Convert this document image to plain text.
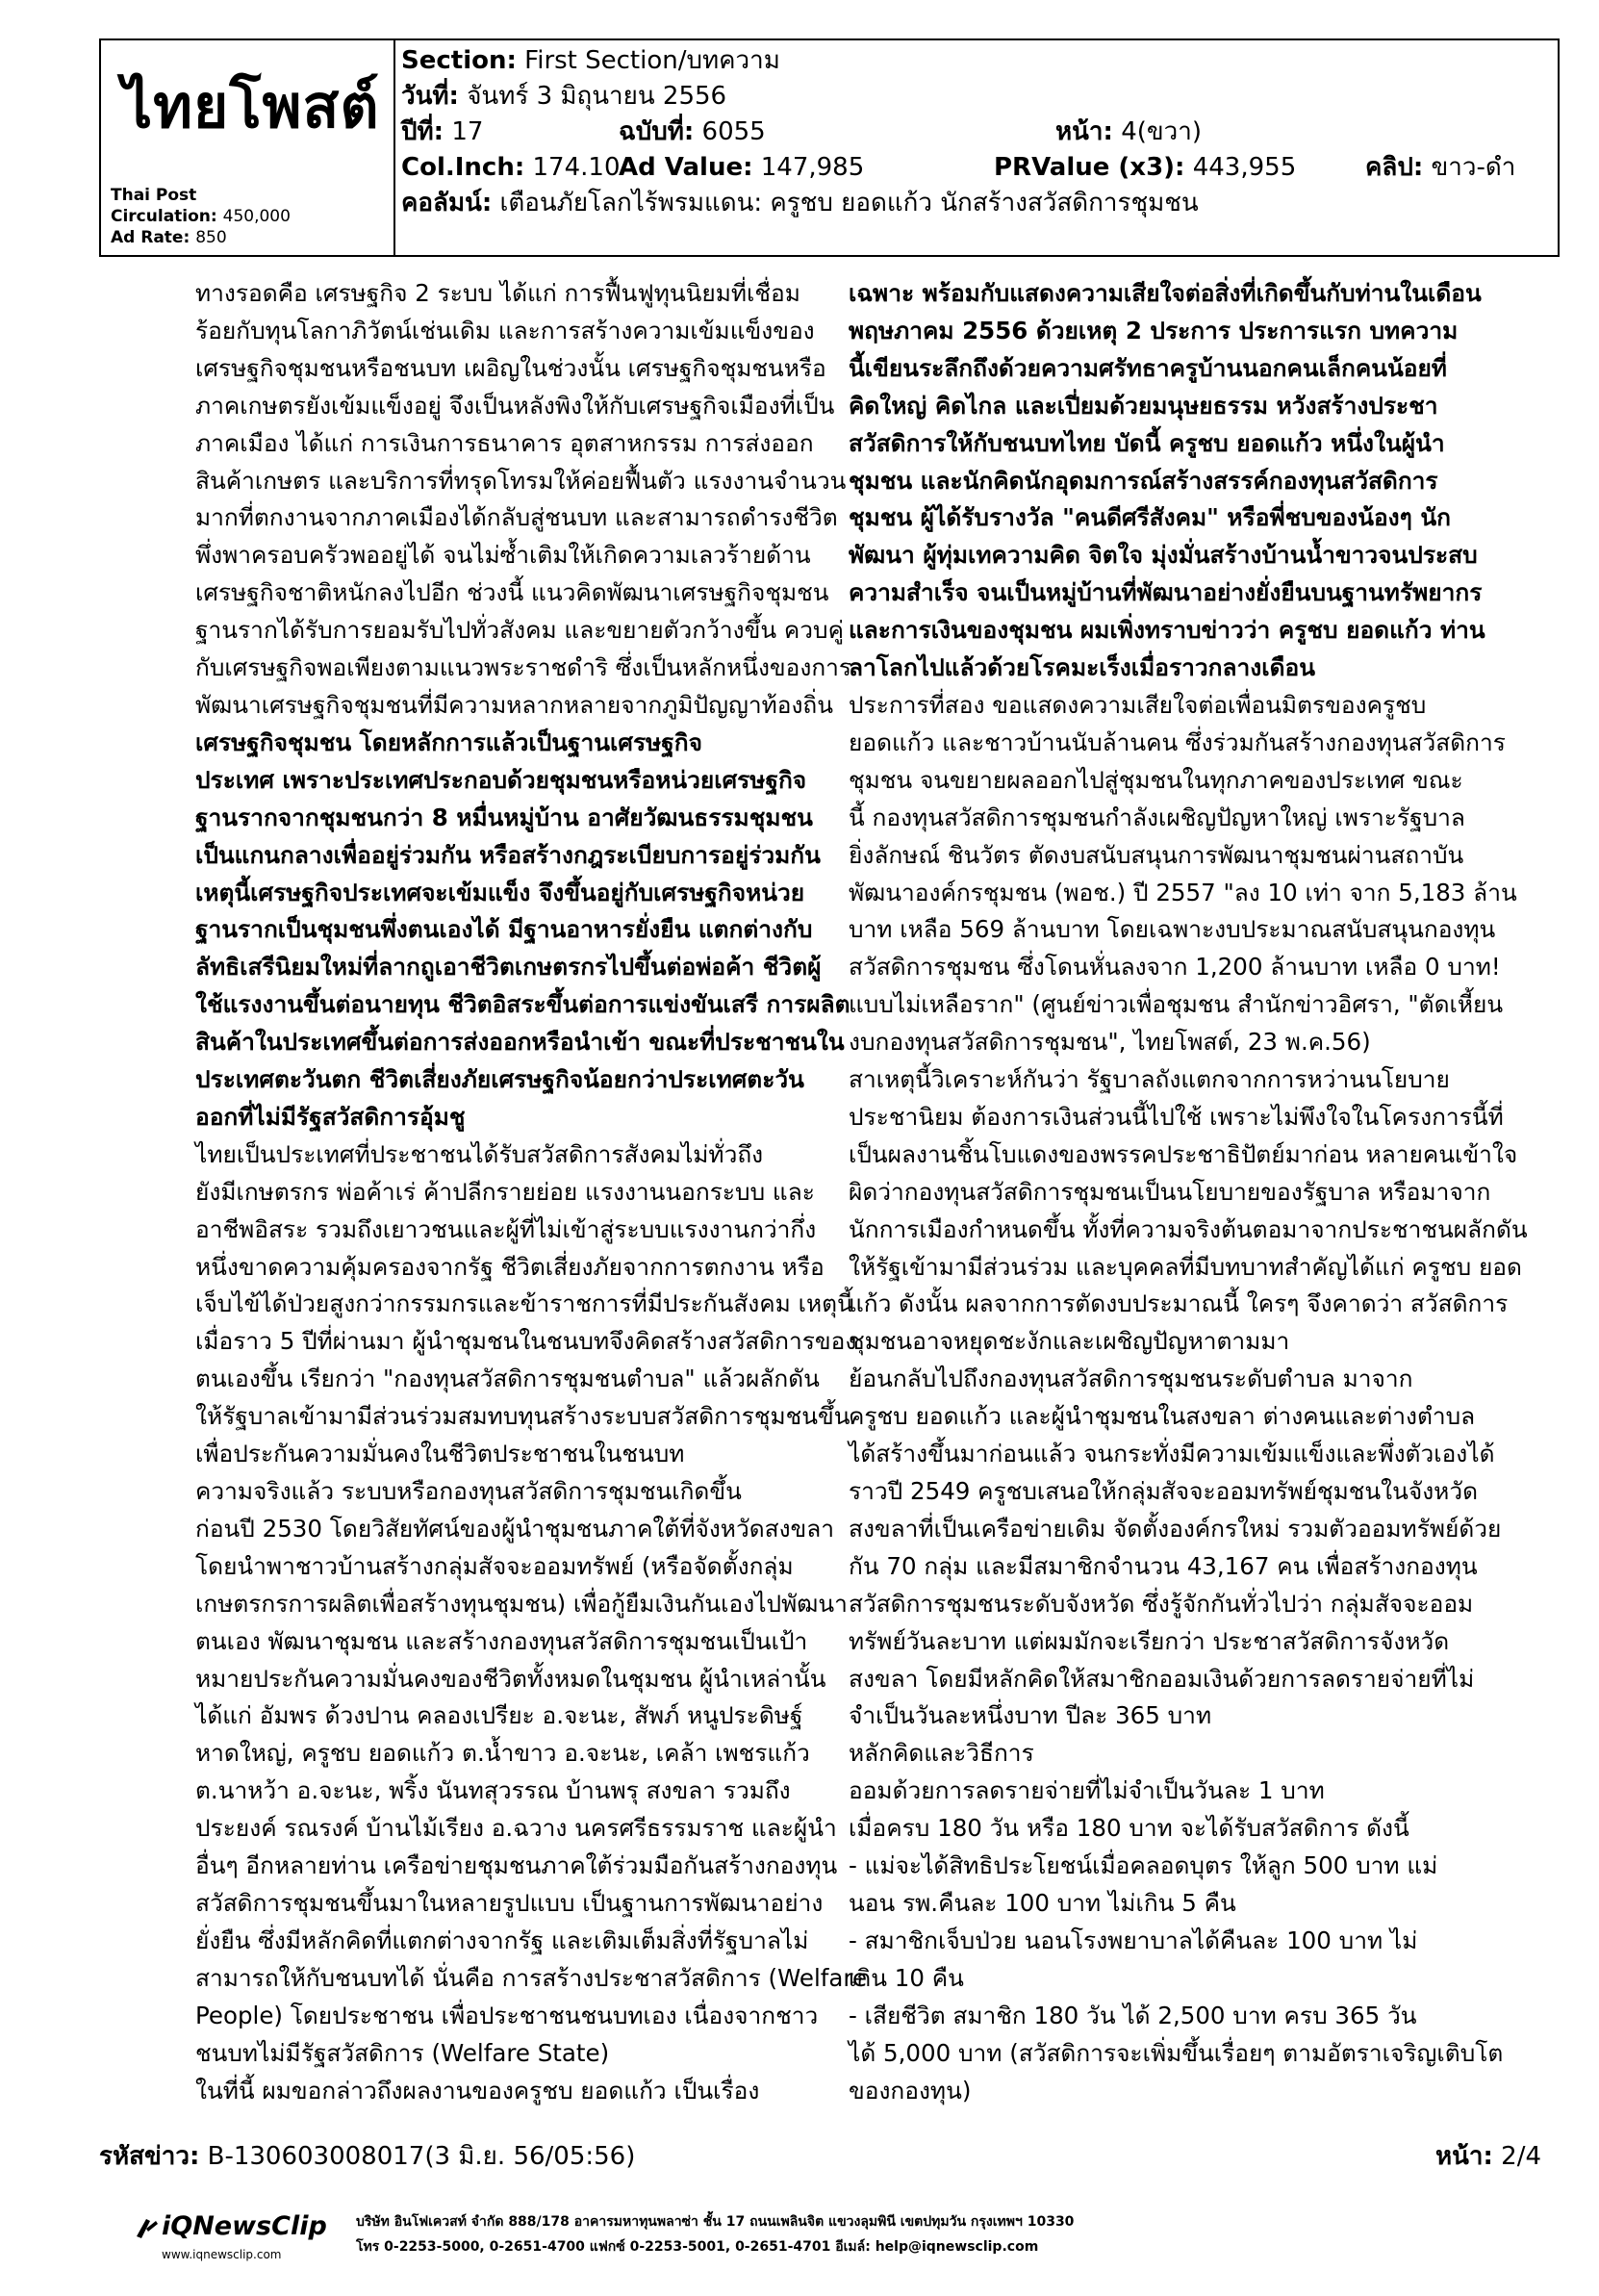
ไทยโพสต์
Thai Post
Circulation: 450,000
Ad Rate: 850
Section: First Section/บทความ
วันที่: จันทร์ 3 มิถุนายน 2556
ปีที่: 17	ฉบับที่: 6055	หน้า: 4(ขวา)
Col.Inch: 174.10
Ad Value: 147,985	PRValue (x3): 443,955	คลิป: ขาว-ดำ
คอลัมน์: เตือนภัยโลกไร้พรมแดน: ครูชบ ยอดแก้ว นักสร้างสวัสดิการชุมชน

ทางรอดคือ เศรษฐกิจ 2 ระบบ ได้แก่ การฟื้นฟูทุนนิยมที่เชื่อม

ร้อยกับทุนโลกาภิวัตน์เช่นเดิม และการสร้างความเข้มแข็งของ

เศรษฐกิจชุมชนหรือชนบท เผอิญในช่วงนั้น เศรษฐกิจชุมชนหรือ

ภาคเกษตรยังเข้มแข็งอยู่ จึงเป็นหลังพิงให้กับเศรษฐกิจเมืองที่เป็น

ภาคเมือง ได้แก่ การเงินการธนาคาร อุตสาหกรรม การส่งออก

สินค้าเกษตร และบริการที่ทรุดโทรมให้ค่อยฟื้นตัว แรงงานจำนวน

มากที่ตกงานจากภาคเมืองได้กลับสู่ชนบท และสามารถดำรงชีวิต

พึ่งพาครอบครัวพออยู่ได้ จนไม่ซ้ำเติมให้เกิดความเลวร้ายด้าน

เศรษฐกิจชาติหนักลงไปอีก ช่วงนี้ แนวคิดพัฒนาเศรษฐกิจชุมชน

ฐานรากได้รับการยอมรับไปทั่วสังคม และขยายตัวกว้างขึ้น ควบคู่

กับเศรษฐกิจพอเพียงตามแนวพระราชดำริ ซึ่งเป็นหลักหนึ่งของการ

พัฒนาเศรษฐกิจชุมชนที่มีความหลากหลายจากภูมิปัญญาท้องถิ่น

เศรษฐกิจชุมชน โดยหลักการแล้วเป็นฐานเศรษฐกิจ

ประเทศ เพราะประเทศประกอบด้วยชุมชนหรือหน่วยเศรษฐกิจ

ฐานรากจากชุมชนกว่า 8 หมื่นหมู่บ้าน อาศัยวัฒนธรรมชุมชน

เป็นแกนกลางเพื่ออยู่ร่วมกัน หรือสร้างกฎระเบียบการอยู่ร่วมกัน

เหตุนี้เศรษฐกิจประเทศจะเข้มแข็ง จึงขึ้นอยู่กับเศรษฐกิจหน่วย

ฐานรากเป็นชุมชนพึ่งตนเองได้ มีฐานอาหารยั่งยืน แตกต่างกับ

ลัทธิเสรีนิยมใหม่ที่ลากถูเอาชีวิตเกษตรกรไปขึ้นต่อพ่อค้า ชีวิตผู้

ใช้แรงงานขึ้นต่อนายทุน ชีวิตอิสระขึ้นต่อการแข่งขันเสรี การผลิต

สินค้าในประเทศขึ้นต่อการส่งออกหรือนำเข้า ขณะที่ประชาชนใน

ประเทศตะวันตก ชีวิตเสี่ยงภัยเศรษฐกิจน้อยกว่าประเทศตะวัน

ออกที่ไม่มีรัฐสวัสดิการอุ้มชู

ไทยเป็นประเทศที่ประชาชนได้รับสวัสดิการสังคมไม่ทั่วถึง

ยังมีเกษตรกร พ่อค้าเร่ ค้าปลีกรายย่อย แรงงานนอกระบบ และ

อาชีพอิสระ รวมถึงเยาวชนและผู้ที่ไม่เข้าสู่ระบบแรงงานกว่ากึ่ง

หนึ่งขาดความคุ้มครองจากรัฐ ชีวิตเสี่ยงภัยจากการตกงาน หรือ

เจ็บไข้ได้ป่วยสูงกว่ากรรมกรและข้าราชการที่มีประกันสังคม เหตุนี้

เมื่อราว 5 ปีที่ผ่านมา ผู้นำชุมชนในชนบทจึงคิดสร้างสวัสดิการของ

ตนเองขึ้น เรียกว่า "กองทุนสวัสดิการชุมชนตำบล" แล้วผลักดัน

ให้รัฐบาลเข้ามามีส่วนร่วมสมทบทุนสร้างระบบสวัสดิการชุมชนขึ้น

เพื่อประกันความมั่นคงในชีวิตประชาชนในชนบท

ความจริงแล้ว ระบบหรือกองทุนสวัสดิการชุมชนเกิดขึ้น

ก่อนปี 2530 โดยวิสัยทัศน์ของผู้นำชุมชนภาคใต้ที่จังหวัดสงขลา

โดยนำพาชาวบ้านสร้างกลุ่มสัจจะออมทรัพย์ (หรือจัดตั้งกลุ่ม

เกษตรกรการผลิตเพื่อสร้างทุนชุมชน) เพื่อกู้ยืมเงินกันเองไปพัฒนา

ตนเอง พัฒนาชุมชน และสร้างกองทุนสวัสดิการชุมชนเป็นเป้า

หมายประกันความมั่นคงของชีวิตทั้งหมดในชุมชน ผู้นำเหล่านั้น

ได้แก่ อัมพร ด้วงปาน คลองเปรียะ อ.จะนะ, สัพภ์ หนูประดิษฐ์

หาดใหญ่, ครูชบ ยอดแก้ว ต.น้ำขาว อ.จะนะ, เคล้า เพชรแก้ว

ต.นาหว้า อ.จะนะ, พริ้ง นันทสุวรรณ บ้านพรุ สงขลา รวมถึง

ประยงค์ รณรงค์ บ้านไม้เรียง อ.ฉวาง นครศรีธรรมราช และผู้นำ

อื่นๆ อีกหลายท่าน เครือข่ายชุมชนภาคใต้ร่วมมือกันสร้างกองทุน

สวัสดิการชุมชนขึ้นมาในหลายรูปแบบ เป็นฐานการพัฒนาอย่าง

ยั่งยืน ซึ่งมีหลักคิดที่แตกต่างจากรัฐ และเติมเต็มสิ่งที่รัฐบาลไม่

สามารถให้กับชนบทได้ นั่นคือ การสร้างประชาสวัสดิการ (Welfare

People) โดยประชาชน เพื่อประชาชนชนบทเอง เนื่องจากชาว

ชนบทไม่มีรัฐสวัสดิการ (Welfare State)

ในที่นี้ ผมขอกล่าวถึงผลงานของครูชบ ยอดแก้ว เป็นเรื่อง

เฉพาะ พร้อมกับแสดงความเสียใจต่อสิ่งที่เกิดขึ้นกับท่านในเดือน

พฤษภาคม 2556 ด้วยเหตุ 2 ประการ ประการแรก บทความ

นี้เขียนระลึกถึงด้วยความศรัทธาครูบ้านนอกคนเล็กคนน้อยที่

คิดใหญ่ คิดไกล และเปี่ยมด้วยมนุษยธรรม หวังสร้างประชา

สวัสดิการให้กับชนบทไทย บัดนี้ ครูชบ ยอดแก้ว หนึ่งในผู้นำ

ชุมชน และนักคิดนักอุดมการณ์สร้างสรรค์กองทุนสวัสดิการ

ชุมชน ผู้ได้รับรางวัล "คนดีศรีสังคม" หรือพี่ชบของน้องๆ นัก

พัฒนา ผู้ทุ่มเทความคิด จิตใจ มุ่งมั่นสร้างบ้านน้ำขาวจนประสบ

ความสำเร็จ จนเป็นหมู่บ้านที่พัฒนาอย่างยั่งยืนบนฐานทรัพยากร

และการเงินของชุมชน ผมเพิ่งทราบข่าวว่า ครูชบ ยอดแก้ว ท่าน

ลาโลกไปแล้วด้วยโรคมะเร็งเมื่อราวกลางเดือน

ประการที่สอง ขอแสดงความเสียใจต่อเพื่อนมิตรของครูชบ

ยอดแก้ว และชาวบ้านนับล้านคน ซึ่งร่วมกันสร้างกองทุนสวัสดิการ

ชุมชน จนขยายผลออกไปสู่ชุมชนในทุกภาคของประเทศ ขณะ

นี้ กองทุนสวัสดิการชุมชนกำลังเผชิญปัญหาใหญ่ เพราะรัฐบาล

ยิ่งลักษณ์ ชินวัตร ตัดงบสนับสนุนการพัฒนาชุมชนผ่านสถาบัน

พัฒนาองค์กรชุมชน (พอช.) ปี 2557 "ลง 10 เท่า จาก 5,183 ล้าน

บาท เหลือ 569 ล้านบาท โดยเฉพาะงบประมาณสนับสนุนกองทุน

สวัสดิการชุมชน ซึ่งโดนหั่นลงจาก 1,200 ล้านบาท เหลือ 0 บาท!

แบบไม่เหลือราก" (ศูนย์ข่าวเพื่อชุมชน สำนักข่าวอิศรา, "ตัดเหี้ยน

งบกองทุนสวัสดิการชุมชน", ไทยโพสต์, 23 พ.ค.56)

สาเหตุนี้วิเคราะห์กันว่า รัฐบาลถังแตกจากการหว่านนโยบาย

ประชานิยม ต้องการเงินส่วนนี้ไปใช้ เพราะไม่พึงใจในโครงการนี้ที่

เป็นผลงานชิ้นโบแดงของพรรคประชาธิปัตย์มาก่อน หลายคนเข้าใจ

ผิดว่ากองทุนสวัสดิการชุมชนเป็นนโยบายของรัฐบาล หรือมาจาก

นักการเมืองกำหนดขึ้น ทั้งที่ความจริงต้นตอมาจากประชาชนผลักดัน

ให้รัฐเข้ามามีส่วนร่วม และบุคคลที่มีบทบาทสำคัญได้แก่ ครูชบ ยอด

แก้ว ดังนั้น ผลจากการตัดงบประมาณนี้ ใครๆ จึงคาดว่า สวัสดิการ

ชุมชนอาจหยุดชะงักและเผชิญปัญหาตามมา

ย้อนกลับไปถึงกองทุนสวัสดิการชุมชนระดับตำบล มาจาก

ครูชบ ยอดแก้ว และผู้นำชุมชนในสงขลา ต่างคนและต่างตำบล

ได้สร้างขึ้นมาก่อนแล้ว จนกระทั่งมีความเข้มแข็งและพึ่งตัวเองได้

ราวปี 2549 ครูชบเสนอให้กลุ่มสัจจะออมทรัพย์ชุมชนในจังหวัด

สงขลาที่เป็นเครือข่ายเดิม จัดตั้งองค์กรใหม่ รวมตัวออมทรัพย์ด้วย

กัน 70 กลุ่ม และมีสมาชิกจำนวน 43,167 คน เพื่อสร้างกองทุน

สวัสดิการชุมชนระดับจังหวัด ซึ่งรู้จักกันทั่วไปว่า กลุ่มสัจจะออม

ทรัพย์วันละบาท แต่ผมมักจะเรียกว่า ประชาสวัสดิการจังหวัด

สงขลา โดยมีหลักคิดให้สมาชิกออมเงินด้วยการลดรายจ่ายที่ไม่

จำเป็นวันละหนึ่งบาท ปีละ 365 บาท

หลักคิดและวิธีการ

ออมด้วยการลดรายจ่ายที่ไม่จำเป็นวันละ 1 บาท

เมื่อครบ 180 วัน หรือ 180 บาท จะได้รับสวัสดิการ ดังนี้

- แม่จะได้สิทธิประโยชน์เมื่อคลอดบุตร ให้ลูก 500 บาท แม่

นอน รพ.คืนละ 100 บาท ไม่เกิน 5 คืน

- สมาชิกเจ็บป่วย นอนโรงพยาบาลได้คืนละ 100 บาท ไม่

เกิน 10 คืน

- เสียชีวิต สมาชิก 180 วัน ได้ 2,500 บาท ครบ 365 วัน

ได้ 5,000 บาท (สวัสดิการจะเพิ่มขึ้นเรื่อยๆ ตามอัตราเจริญเติบโต

ของกองทุน)

รหัสข่าว: B-130603008017(3 มิ.ย. 56/05:56)	หน้า: 2/4
iQNewsClip
www.iqnewsclip.com
บริษัท อินโฟเควสท์ จำกัด 888/178 อาคารมหาทุนพลาซ่า ชั้น 17 ถนนเพลินจิต แขวงลุมพินี เขตปทุมวัน กรุงเทพฯ 10330
โทร 0-2253-5000, 0-2651-4700 แฟกซ์ 0-2253-5001, 0-2651-4701 อีเมล์: help@iqnewsclip.com
